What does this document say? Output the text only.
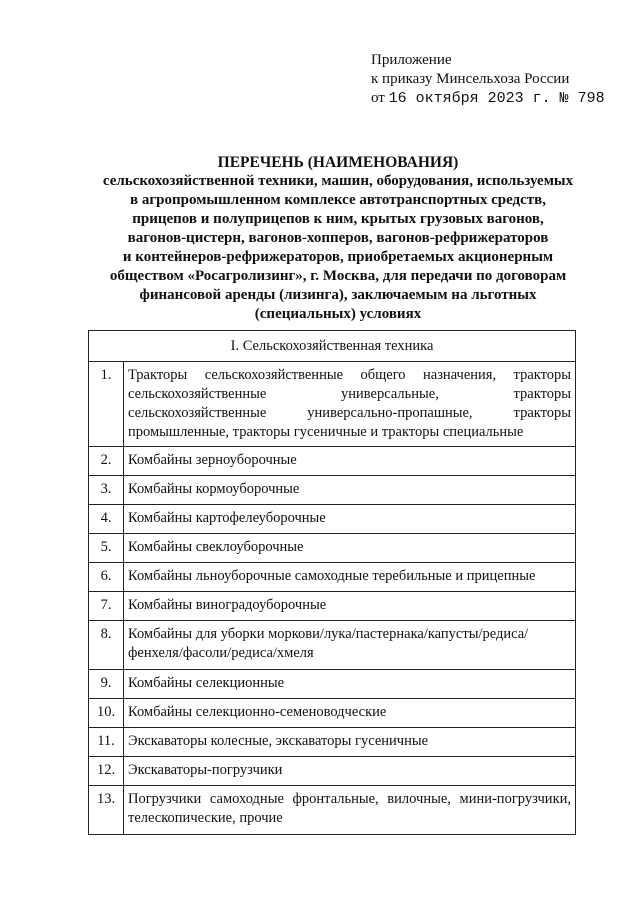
Приложение
к приказу Минсельхоза России
от 16 октября 2023 г. № 798
ПЕРЕЧЕНЬ (НАИМЕНОВАНИЯ)
сельскохозяйственной техники, машин, оборудования, используемых
в агропромышленном комплексе автотранспортных средств,
прицепов и полуприцепов к ним, крытых грузовых вагонов,
вагонов-цистерн, вагонов-хопперов, вагонов-рефрижераторов
и контейнеров-рефрижераторов, приобретаемых акционерным
обществом «Росагролизинг», г. Москва, для передачи по договорам
финансовой аренды (лизинга), заключаемым на льготных
(специальных) условиях
I. Сельскохозяйственная техника	
1.	Тракторы сельскохозяйственные общего назначения, тракторы
сельскохозяйственные универсальные, тракторы
сельскохозяйственные универсально-пропашные, тракторы
промышленные, тракторы гусеничные и тракторы специальные

2.	Комбайны зерноуборочные
3.	Комбайны кормоуборочные
4.	Комбайны картофелеуборочные
5.	Комбайны свеклоуборочные
6.	Комбайны льноуборочные самоходные теребильные и прицепные
7.	Комбайны виноградоуборочные
8.	Комбайны для уборки моркови/лука/пастернака/капусты/редиса/ фенхеля/фасоли/редиса/хмеля
9.	Комбайны селекционные
10.	Комбайны селекционно-семеноводческие
11.	Экскаваторы колесные, экскаваторы гусеничные
12.	Экскаваторы-погрузчики
13.	Погрузчики самоходные фронтальные, вилочные, мини-погрузчики, телескопические, прочие
